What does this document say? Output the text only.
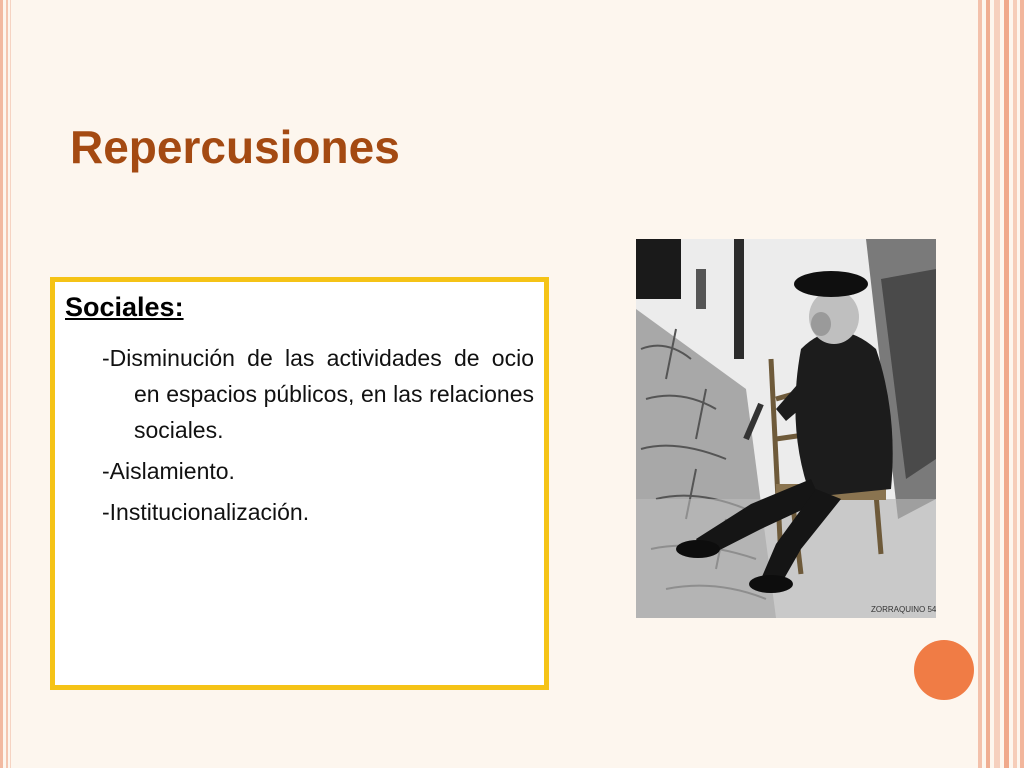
Repercusiones
Sociales:
-Disminución de las actividades de ocio en espacios públicos, en las relaciones sociales.
-Aislamiento.
-Institucionalización.
ZORRAQUINO 54
